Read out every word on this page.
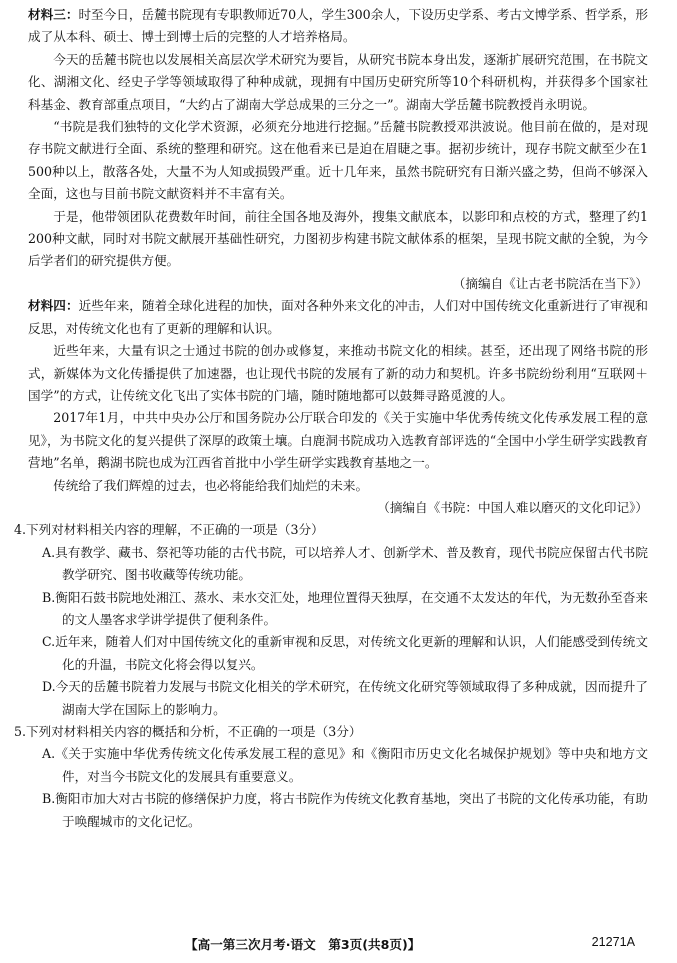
材料三：时至今日，岳麓书院现有专职教师近70人，学生300余人，下设历史学系、考古文博学系、哲学系，形成了从本科、硕士、博士到博士后的完整的人才培养格局。

今天的岳麓书院也以发展相关高层次学术研究为要旨，从研究书院本身出发，逐渐扩展研究范围，在书院文化、湖湘文化、经史子学等领域取得了种种成就，现拥有中国历史研究所等10个科研机构，并获得多个国家社科基金、教育部重点项目，“大约占了湖南大学总成果的三分之一”。湖南大学岳麓书院教授肖永明说。

“书院是我们独特的文化学术资源，必须充分地进行挖掘。”岳麓书院教授邓洪波说。他目前在做的，是对现存书院文献进行全面、系统的整理和研究。这在他看来已是迫在眉睫之事。据初步统计，现存书院文献至少在1 500种以上，散落各处，大量不为人知或损毁严重。近十几年来，虽然书院研究有日渐兴盛之势，但尚不够深入全面，这也与目前书院文献资料并不丰富有关。

于是，他带领团队花费数年时间，前往全国各地及海外，搜集文献底本，以影印和点校的方式，整理了约1 200种文献，同时对书院文献展开基础性研究，力图初步构建书院文献体系的框架，呈现书院文献的全貌，为今后学者们的研究提供方便。

（摘编自《让古老书院活在当下》）

材料四：近些年来，随着全球化进程的加快，面对各种外来文化的冲击，人们对中国传统文化重新进行了审视和反思，对传统文化也有了更新的理解和认识。

近些年来，大量有识之士通过书院的创办或修复，来推动书院文化的相续。甚至，还出现了网络书院的形式，新媒体为文化传播提供了加速器，也让现代书院的发展有了新的动力和契机。许多书院纷纷利用“互联网＋国学”的方式，让传统文化飞出了实体书院的门墙，随时随地都可以鼓舞寻路觅渡的人。

2017年1月，中共中央办公厅和国务院办公厅联合印发的《关于实施中华优秀传统文化传承发展工程的意见》，为书院文化的复兴提供了深厚的政策土壤。白鹿洞书院成功入选教育部评选的“全国中小学生研学实践教育营地”名单，鹅湖书院也成为江西省首批中小学生研学实践教育基地之一。

传统给了我们辉煌的过去，也必将能给我们灿烂的未来。

（摘编自《书院：中国人难以磨灭的文化印记》）

4.下列对材料相关内容的理解，不正确的一项是（3分）

A.具有教学、藏书、祭祀等功能的古代书院，可以培养人才、创新学术、普及教育，现代书院应保留古代书院教学研究、图书收藏等传统功能。

B.衡阳石鼓书院地处湘江、蒸水、耒水交汇处，地理位置得天独厚，在交通不太发达的年代，为无数孙至沓来的文人墨客求学讲学提供了便利条件。

C.近年来，随着人们对中国传统文化的重新审视和反思，对传统文化更新的理解和认识，人们能感受到传统文化的升温，书院文化将会得以复兴。

D.今天的岳麓书院着力发展与书院文化相关的学术研究，在传统文化研究等领域取得了多种成就，因而提升了湖南大学在国际上的影响力。

5.下列对材料相关内容的概括和分析，不正确的一项是（3分）

A.《关于实施中华优秀传统文化传承发展工程的意见》和《衡阳市历史文化名城保护规划》等中央和地方文件，对当今书院文化的发展具有重要意义。

B.衡阳市加大对古书院的修缮保护力度，将古书院作为传统文化教育基地，突出了书院的文化传承功能，有助于唤醒城市的文化记忆。

【高一第三次月考·语文　第3页(共8页)】	21271A
